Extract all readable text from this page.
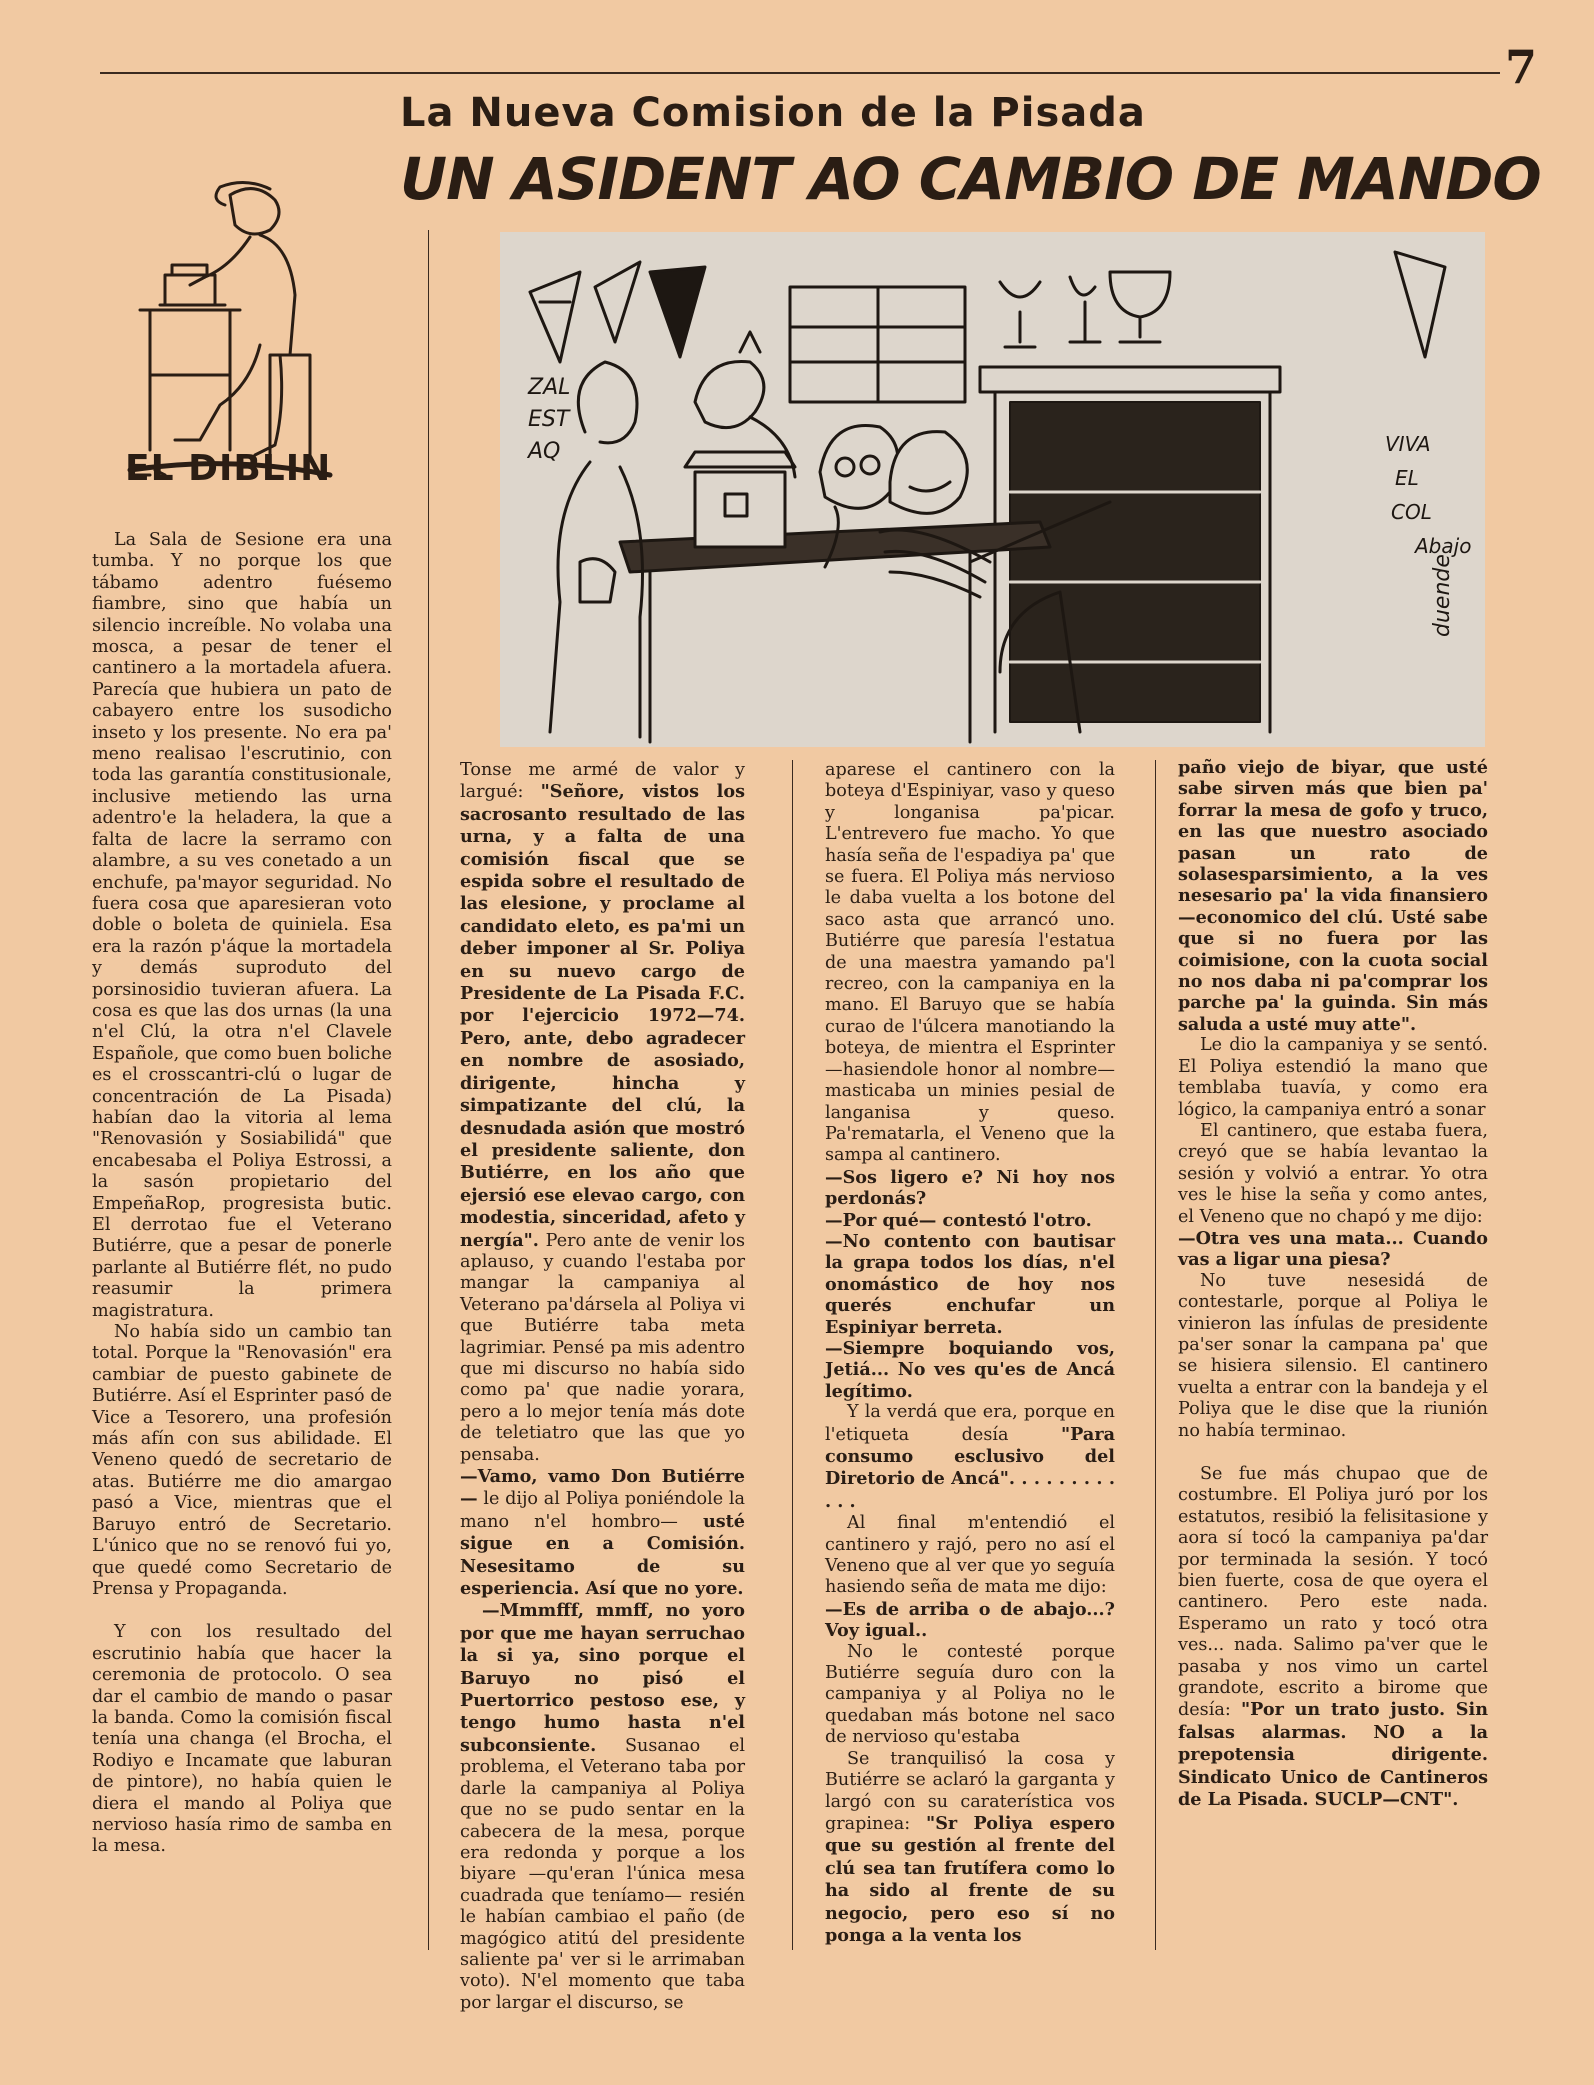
7
La Nueva Comision de la Pisada
UN ASIDENT AO CAMBIO DE MANDO
EL DIBLIN
ZAL
EST
AQ	VIVA
EL
COL
Abajo
duende

La Sala de Sesione era una tumba. Y no porque los que tábamo adentro fuésemo fiambre, sino que había un silencio increíble. No volaba una mosca, a pesar de tener el cantinero a la mortadela afuera. Parecía que hubiera un pato de cabayero entre los susodicho inseto y los presente. No era pa' meno realisao l'escrutinio, con toda las garantía constitusionale, inclusive metiendo las urna adentro'e la heladera, la que a falta de lacre la serramo con alambre, a su ves conetado a un enchufe, pa'mayor seguridad. No fuera cosa que aparesieran voto doble o boleta de quiniela. Esa era la razón p'áque la mortadela y demás suproduto del porsinosidio tuvieran afuera. La cosa es que las dos urnas (la una n'el Clú, la otra n'el Clavele Españole, que como buen boliche es el crosscantri-clú o lugar de concentración de La Pisada) habían dao la vitoria al lema "Renovasión y Sosiabilidá" que encabesaba el Poliya Estrossi, a la sasón propietario del EmpeñaRop, progresista butic. El derrotao fue el Veterano Butiérre, que a pesar de ponerle parlante al Butiérre flét, no pudo reasumir la primera magistratura.

No había sido un cambio tan total. Porque la "Renovasión" era cambiar de puesto gabinete de Butiérre. Así el Esprinter pasó de Vice a Tesorero, una profesión más afín con sus abilidade. El Veneno quedó de secretario de atas. Butiérre me dio amargao pasó a Vice, mientras que el Baruyo entró de Secretario. L'único que no se renovó fui yo, que quedé como Secretario de Prensa y Propaganda.

Y con los resultado del escrutinio había que hacer la ceremonia de protocolo. O sea dar el cambio de mando o pasar la banda. Como la comisión fiscal tenía una changa (el Brocha, el Rodiyo e Incamate que laburan de pintore), no había quien le diera el mando al Poliya que nervioso hasía rimo de samba en la mesa.

Tonse me armé de valor y largué: "Señore, vistos los sacrosanto resultado de las urna, y a falta de una comisión fiscal que se espida sobre el resultado de las elesione, y proclame al candidato eleto, es pa'mi un deber imponer al Sr. Poliya en su nuevo cargo de Presidente de La Pisada F.C. por l'ejercicio 1972—74. Pero, ante, debo agradecer en nombre de asosiado, dirigente, hincha y simpatizante del clú, la desnudada asión que mostró el presidente saliente, don Butiérre, en los año que ejersió ese elevao cargo, con modestia, sinceridad, afeto y nergía". Pero ante de venir los aplauso, y cuando l'estaba por mangar la campaniya al Veterano pa'dársela al Poliya vi que Butiérre taba meta lagrimiar. Pensé pa mis adentro que mi discurso no había sido como pa' que nadie yorara, pero a lo mejor tenía más dote de teletiatro que las que yo pensaba.

—Vamo, vamo Don Butiérre— le dijo al Poliya poniéndole la mano n'el hombro— usté sigue en a Comisión. Nesesitamo de su esperiencia. Así que no yore.

—Mmmfff, mmff, no yoro por que me hayan serruchao la si ya, sino porque el Baruyo no pisó el Puertorrico pestoso ese, y tengo humo hasta n'el subconsiente. Susanao el problema, el Veterano taba por darle la campaniya al Poliya que no se pudo sentar en la cabecera de la mesa, porque era redonda y porque a los biyare —qu'eran l'única mesa cuadrada que teníamo— resién le habían cambiao el paño (de magógico atitú del presidente saliente pa' ver si le arrimaban voto). N'el momento que taba por largar el discurso, se

aparese el cantinero con la boteya d'Espiniyar, vaso y queso y longanisa pa'picar. L'entrevero fue macho. Yo que hasía seña de l'espadiya pa' que se fuera. El Poliya más nervioso le daba vuelta a los botone del saco asta que arrancó uno. Butiérre que paresía l'estatua de una maestra yamando pa'l recreo, con la campaniya en la mano. El Baruyo que se había curao de l'úlcera manotiando la boteya, de mientra el Esprinter —hasiendole honor al nombre— masticaba un minies pesial de langanisa y queso. Pa'rematarla, el Veneno que la sampa al cantinero.

—Sos ligero e? Ni hoy nos perdonás?

—Por qué— contestó l'otro.

—No contento con bautisar la grapa todos los días, n'el onomástico de hoy nos querés enchufar un Espiniyar berreta.

—Siempre boquiando vos, Jetiá... No ves qu'es de Ancá legítimo.

Y la verdá que era, porque en l'etiqueta desía "Para consumo esclusivo del Diretorio de Ancá". . . . . . . . . . . .

Al final m'entendió el cantinero y rajó, pero no así el Veneno que al ver que yo seguía hasiendo seña de mata me dijo:

—Es de arriba o de abajo...? Voy igual..

No le contesté porque Butiérre seguía duro con la campaniya y al Poliya no le quedaban más botone nel saco de nervioso qu'estaba

Se tranquilisó la cosa y Butiérre se aclaró la garganta y largó con su caraterística vos grapinea: "Sr Poliya espero que su gestión al frente del clú sea tan frutífera como lo ha sido al frente de su negocio, pero eso sí no ponga a la venta los

paño viejo de biyar, que usté sabe sirven más que bien pa' forrar la mesa de gofo y truco, en las que nuestro asociado pasan un rato de solasesparsimiento, a la ves nesesario pa' la vida finansiero—economico del clú. Usté sabe que si no fuera por las coimisione, con la cuota social no nos daba ni pa'comprar los parche pa' la guinda. Sin más saluda a usté muy atte".

Le dio la campaniya y se sentó. El Poliya estendió la mano que temblaba tuavía, y como era lógico, la campaniya entró a sonar

El cantinero, que estaba fuera, creyó que se había levantao la sesión y volvió a entrar. Yo otra ves le hise la seña y como antes, el Veneno que no chapó y me dijo:

—Otra ves una mata... Cuando vas a ligar una piesa?

No tuve nesesidá de contestarle, porque al Poliya le vinieron las ínfulas de presidente pa'ser sonar la campana pa' que se hisiera silensio. El cantinero vuelta a entrar con la bandeja y el Poliya que le dise que la riunión no había terminao.

Se fue más chupao que de costumbre. El Poliya juró por los estatutos, resibió la felisitasione y aora sí tocó la campaniya pa'dar por terminada la sesión. Y tocó bien fuerte, cosa de que oyera el cantinero. Pero este nada. Esperamo un rato y tocó otra ves... nada. Salimo pa'ver que le pasaba y nos vimo un cartel grandote, escrito a birome que desía: "Por un trato justo. Sin falsas alarmas. NO a la prepotensia dirigente. Sindicato Unico de Cantineros de La Pisada. SUCLP—CNT".
